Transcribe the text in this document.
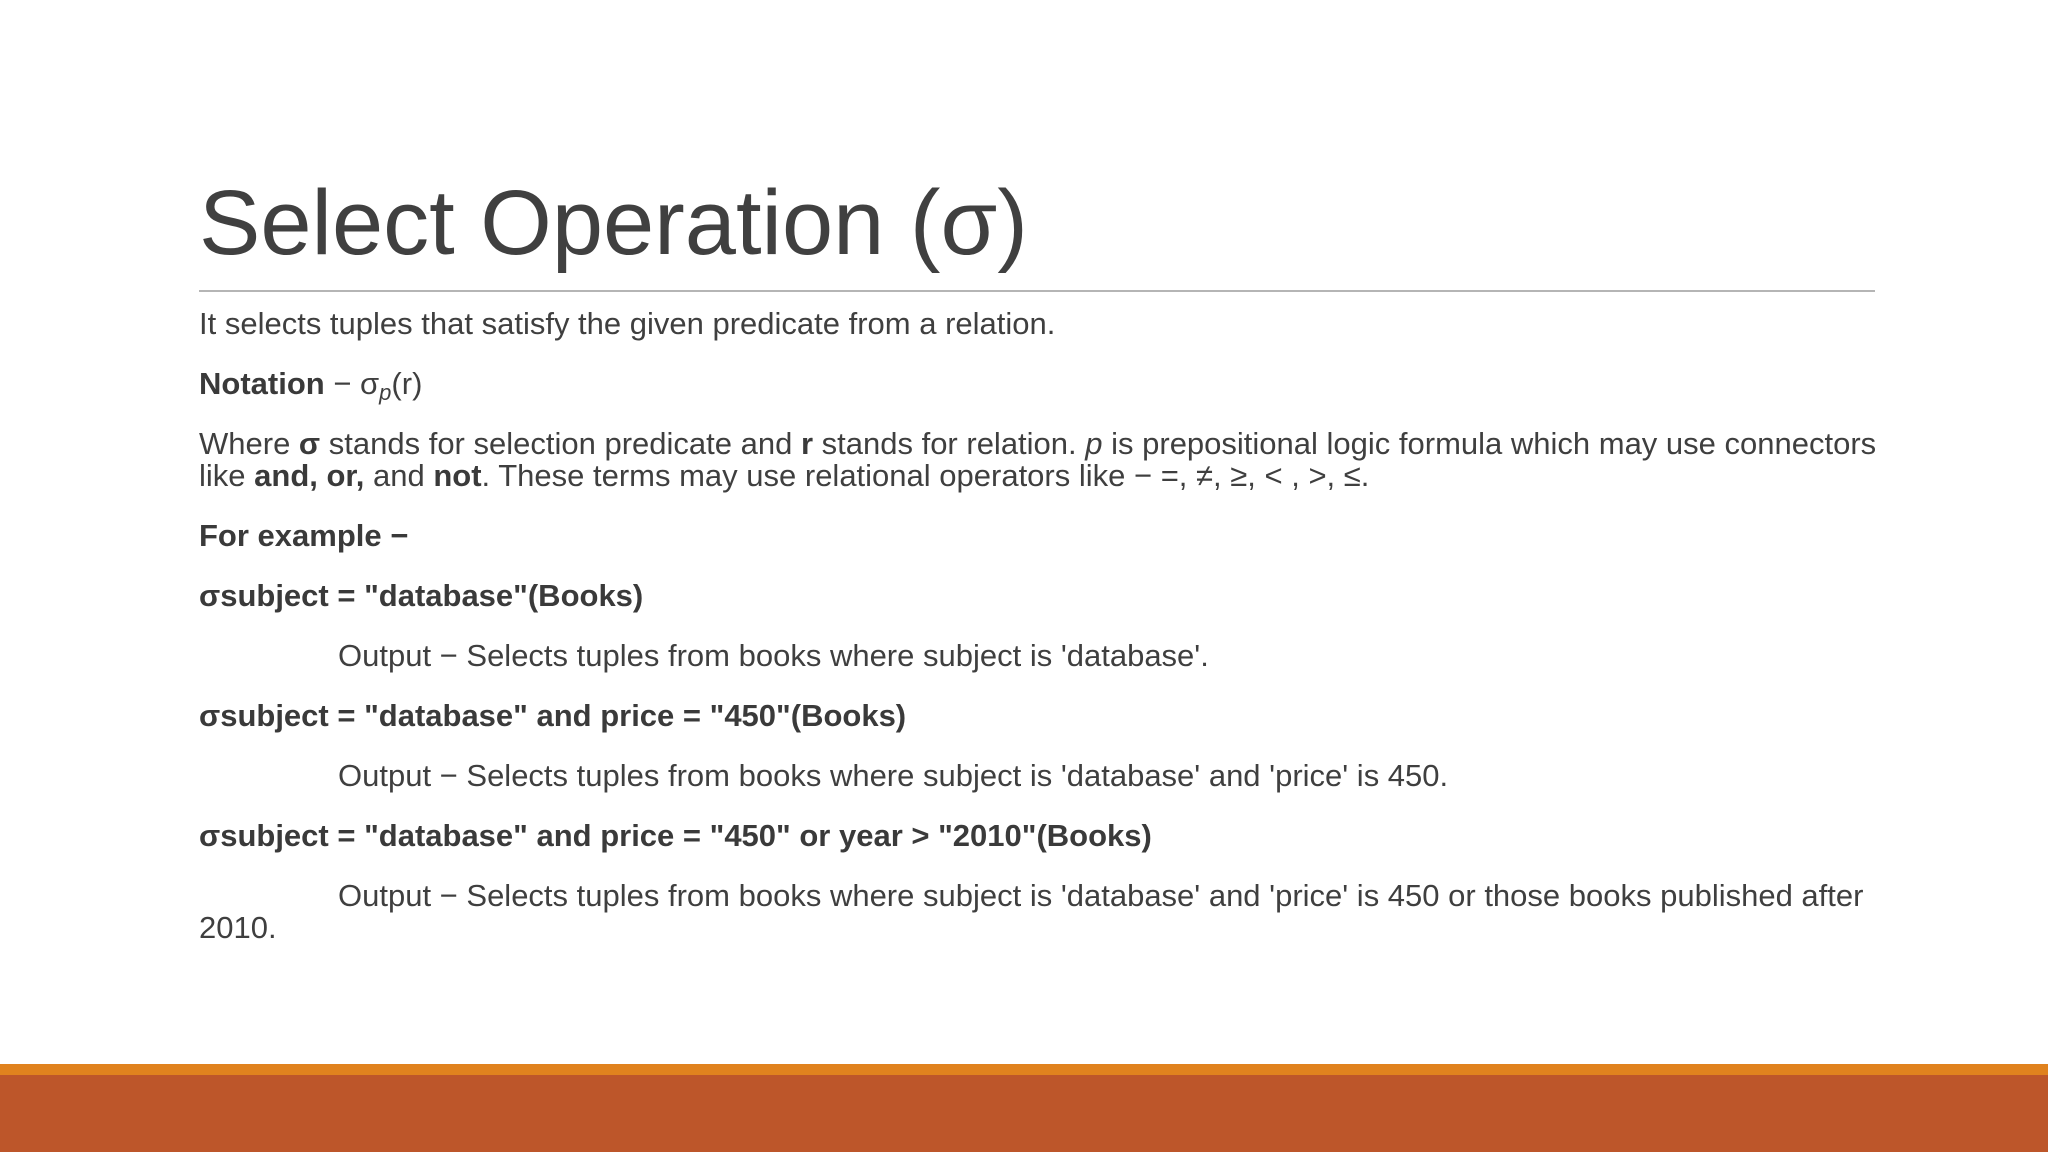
Select Operation (σ)

It selects tuples that satisfy the given predicate from a relation.

Notation − $\sigma_p(r)$

Where σ stands for selection predicate and r stands for relation. p is prepositional logic formula which may use connectors like and, or, and not. These terms may use relational operators like − =, ≠, ≥, < , >, ≤.

For example −

σsubject = "database"(Books)

Output − Selects tuples from books where subject is 'database'.

σsubject = "database" and price = "450"(Books)

Output − Selects tuples from books where subject is 'database' and 'price' is 450.

σsubject = "database" and price = "450" or year > "2010"(Books)

Output − Selects tuples from books where subject is 'database' and 'price' is 450 or those books published after 2010.
